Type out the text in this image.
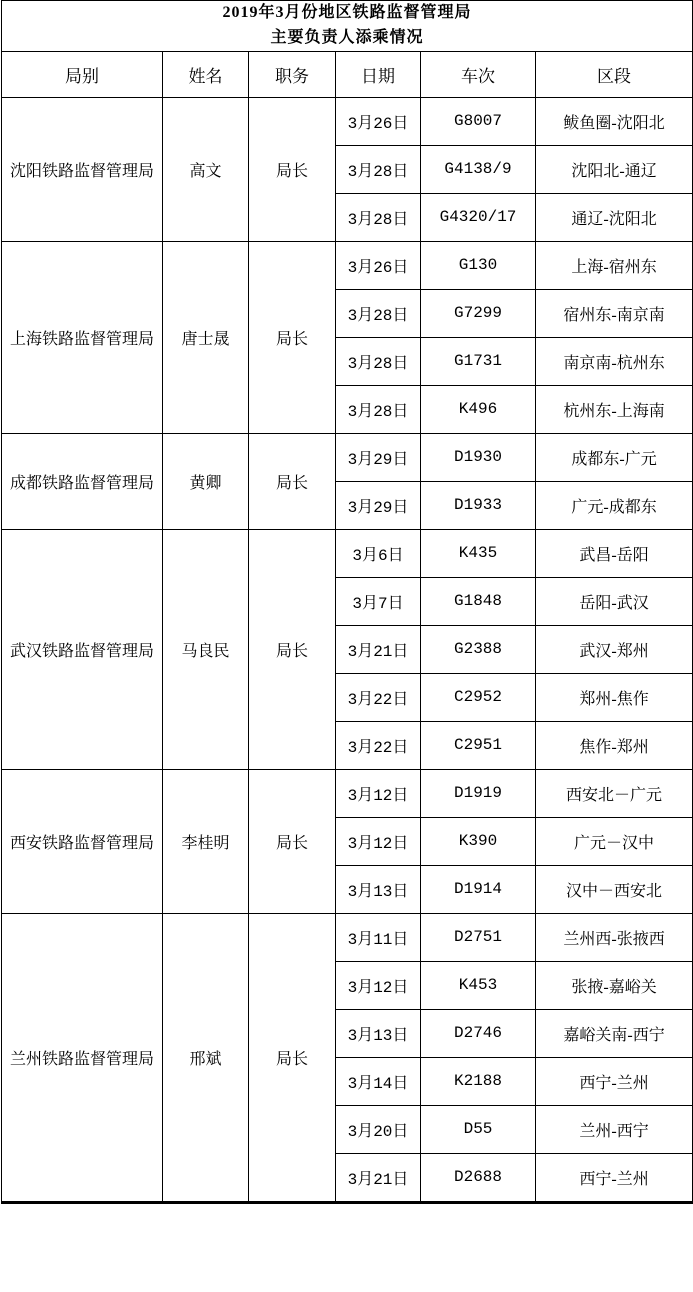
2019年3月份地区铁路监督管理局
主要负责人添乘情况					

局别	姓名	职务	日期	车次	区段
沈阳铁路监督管理局	高文	局长	3月26日	G8007	鲅鱼圈-沈阳北
			3月28日	G4138/9	沈阳北-通辽
			3月28日	G4320/17	通辽-沈阳北
上海铁路监督管理局	唐士晟	局长	3月26日	G130	上海-宿州东
			3月28日	G7299	宿州东-南京南
			3月28日	G1731	南京南-杭州东
			3月28日	K496	杭州东-上海南
成都铁路监督管理局	黄卿	局长	3月29日	D1930	成都东-广元
			3月29日	D1933	广元-成都东
武汉铁路监督管理局	马良民	局长	3月6日	K435	武昌-岳阳
			3月7日	G1848	岳阳-武汉
			3月21日	G2388	武汉-郑州
			3月22日	C2952	郑州-焦作
			3月22日	C2951	焦作-郑州
西安铁路监督管理局	李桂明	局长	3月12日	D1919	西安北－广元
			3月12日	K390	广元－汉中
			3月13日	D1914	汉中－西安北
兰州铁路监督管理局	邢斌	局长	3月11日	D2751	兰州西-张掖西
			3月12日	K453	张掖-嘉峪关
			3月13日	D2746	嘉峪关南-西宁
			3月14日	K2188	西宁-兰州
			3月20日	D55	兰州-西宁
			3月21日	D2688	西宁-兰州
